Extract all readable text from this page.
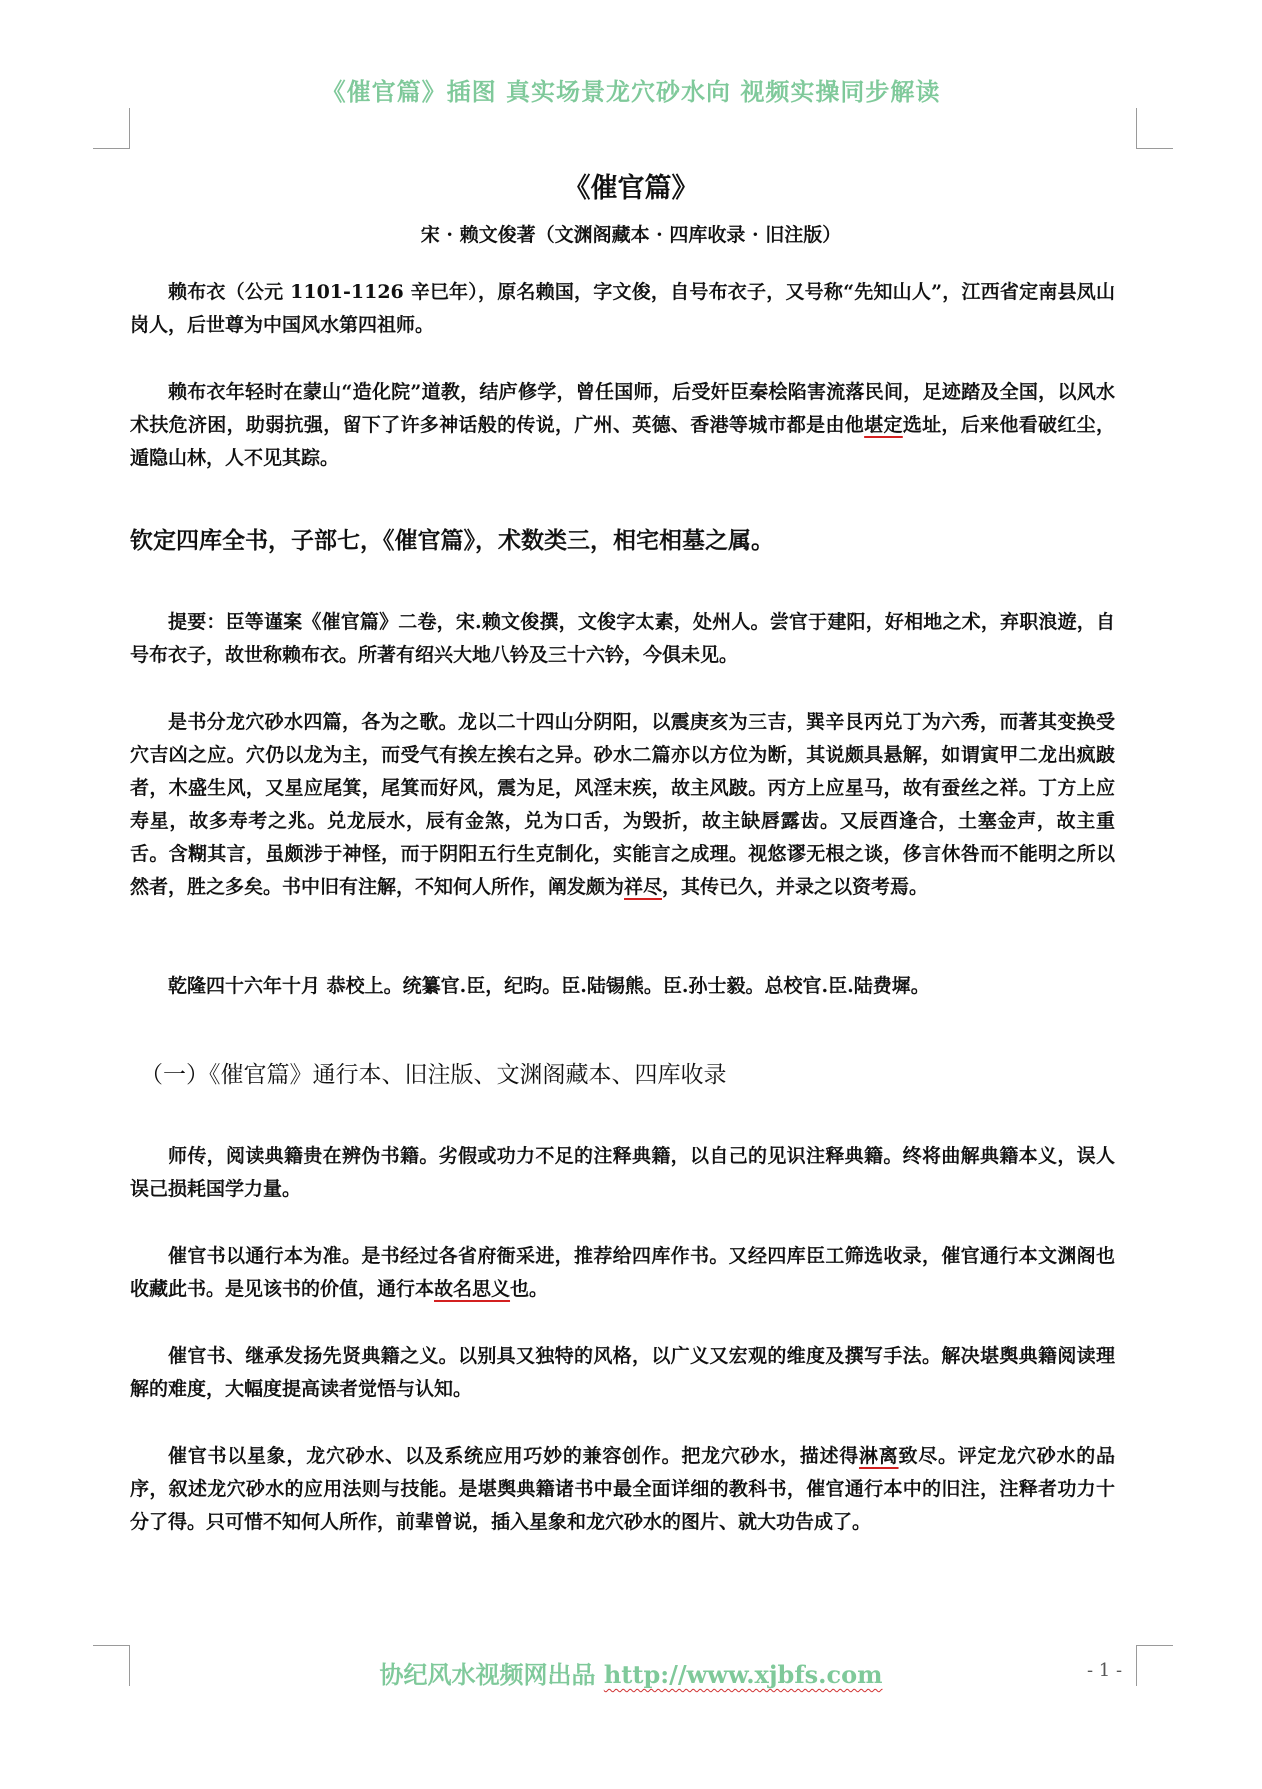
《催官篇》插图 真实场景龙穴砂水向 视频实操同步解读
《催官篇》
宋 · 赖文俊著（文渊阁藏本 · 四库收录 · 旧注版）

赖布衣（公元 1101-1126 辛巳年），原名赖国，字文俊，自号布衣子，又号称“先知山人”，江西省定南县凤山岗人，后世尊为中国风水第四祖师。

赖布衣年轻时在蒙山“造化院”道教，结庐修学，曾任国师，后受奸臣秦桧陷害流落民间，足迹踏及全国，以风水术扶危济困，助弱抗强，留下了许多神话般的传说，广州、英德、香港等城市都是由他堪定选址，后来他看破红尘，遁隐山林，人不见其踪。

钦定四库全书，子部七，《催官篇》，术数类三，相宅相墓之属。

提要：臣等谨案《催官篇》二卷，宋.赖文俊撰，文俊字太素，处州人。尝官于建阳，好相地之术，弃职浪遊，自号布衣子，故世称赖布衣。所著有绍兴大地八钤及三十六钤，今俱未见。

是书分龙穴砂水四篇，各为之歌。龙以二十四山分阴阳，以震庚亥为三吉，巽辛艮丙兑丁为六秀，而著其变换受穴吉凶之应。穴仍以龙为主，而受气有挨左挨右之异。砂水二篇亦以方位为断，其说颇具悬解，如谓寅甲二龙出疯跛者，木盛生风，又星应尾箕，尾箕而好风，震为足，风淫末疾，故主风跛。丙方上应星马，故有蚕丝之祥。丁方上应寿星，故多寿考之兆。兑龙辰水，辰有金煞，兑为口舌，为毁折，故主缺唇露齿。又辰酉逢合，土塞金声，故主重舌。含糊其言，虽颇涉于神怪，而于阴阳五行生克制化，实能言之成理。视悠谬无根之谈，侈言休咎而不能明之所以然者，胜之多矣。书中旧有注解，不知何人所作，阐发颇为祥尽，其传已久，并录之以资考焉。

乾隆四十六年十月 恭校上。统纂官.臣，纪昀。臣.陆锡熊。臣.孙士毅。总校官.臣.陆费墀。

（一）《催官篇》通行本、旧注版、文渊阁藏本、四库收录

师传，阅读典籍贵在辨伪书籍。劣假或功力不足的注释典籍，以自己的见识注释典籍。终将曲解典籍本义，误人误己损耗国学力量。

催官书以通行本为准。是书经过各省府衙采进，推荐给四库作书。又经四库臣工筛选收录，催官通行本文渊阁也收藏此书。是见该书的价值，通行本故名思义也。

催官书、继承发扬先贤典籍之义。以别具又独特的风格，以广义又宏观的维度及撰写手法。解决堪舆典籍阅读理解的难度，大幅度提高读者觉悟与认知。

催官书以星象，龙穴砂水、以及系统应用巧妙的兼容创作。把龙穴砂水，描述得淋离致尽。评定龙穴砂水的品序，叙述龙穴砂水的应用法则与技能。是堪舆典籍诸书中最全面详细的教科书，催官通行本中的旧注，注释者功力十分了得。只可惜不知何人所作，前辈曾说，插入星象和龙穴砂水的图片、就大功告成了。

协纪风水视频网出品 http://www.xjbfs.com	- 1 -
